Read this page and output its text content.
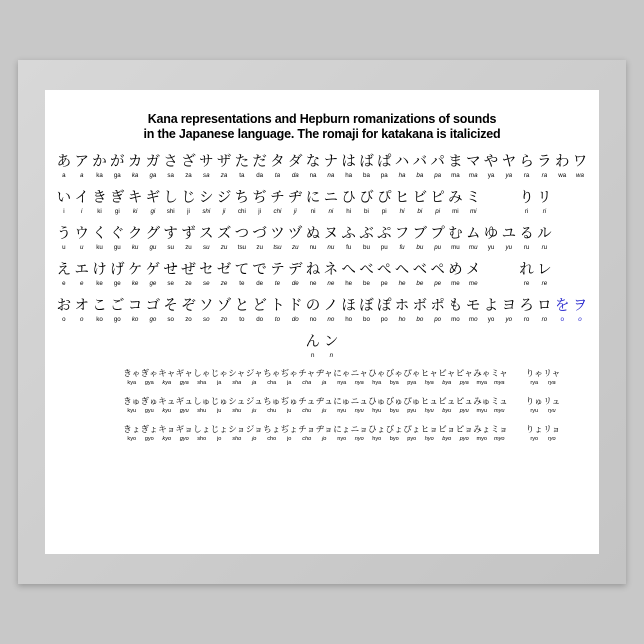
Kana representations and Hepburn romanizations of sounds
in the Japanese language. The romaji for katakana is italicized
あ ア か が カ ガ さ ざ サ ザ た だ タ ダ な ナ は ば ぱ ハ バ パ ま マ や ヤ ら ラ わ ワ
a	a	ka	ga	ka	ga	sa	za	sa	za	ta	da	ta	da	na	na	ha	ba	pa	ha	ba	pa	ma	ma	ya	ya	ra	ra	wa	wa
い イ き ぎ キ ギ し じ シ ジ ち ぢ チ ヂ に ニ ひ び ぴ ヒ ビ ピ み ミ	り リ
i	i	ki	gi	ki	gi	shi	ji	shi	ji	chi	ji	chi	ji	ni	ni	hi	bi	pi	hi	bi	pi	mi	mi	ri	ri
う ウ く ぐ ク グ す ず ス ズ つ づ ツ ヅ ぬ ヌ ふ ぶ ぷ フ ブ プ む ム ゆ ユ る ル
u	u	ku	gu	ku	gu	su	zu	su	zu	tsu	zu	tsu	zu	nu	nu	fu	bu	pu	fu	bu	pu	mu	mu	yu	yu	ru	ru
え エ け げ ケ ゲ せ ぜ セ ゼ て で テ デ ね ネ へ べ ぺ ヘ ベ ペ め メ	れ レ
e	e	ke	ge	ke	ge	se	ze	se	ze	te	de	te	de	ne	ne	he	be	pe	he	be	pe	me	me	re	re
お オ こ ご コ ゴ そ ぞ ソ ゾ と ど ト ド の ノ ほ ぼ ぽ ホ ボ ポ も モ よ ヨ ろ ロ を ヲ
o	o	ko	go	ko	go	so	zo	so	zo	to	do	to	do	no	no	ho	bo	po	ho	bo	po	mo	mo	yo	yo	ro	ro	o	o
ん ン
n	n
きゃ ぎゃ キャ ギャ しゃ じゃ シャ ジャ ちゃ ぢゃ チャ ヂャ にゃ ニャ ひゃ びゃ ぴゃ ヒャ ビャ ピャ みゃ ミャ りゃ リャ
kya	gya	kya	gya	sha	ja	sha	ja	cha	ja	cha	ja	nya	nya	hya	bya	pya	hya	bya	pya	mya	mya	rya	rya
きゅ ぎゅ キュ ギュ しゅ じゅ シュ ジュ ちゅ ぢゅ チュ ヂュ にゅ ニュ ひゅ びゅ ぴゅ ヒュ ビュ ピュ みゅ ミュ りゅ リュ
kyu	gyu	kyu	gyu	shu	ju	shu	ju	chu	ju	chu	ju	nyu	nyu	hyu	byu	pyu	hyu	byu	pyu	myu	myu	ryu	ryu
きょ ぎょ キョ ギョ しょ じょ ショ ジョ ちょ ぢょ チョ ヂョ にょ ニョ ひょ びょ ぴょ ヒョ ビョ ピョ みょ ミョ りょ リョ
kyo	gyo	kyo	gyo	sho	jo	sho	jo	cho	jo	cho	jo	nyo	nyo	hyo	byo	pyo	hyo	byo	pyo	myo	myo	ryo	ryo
